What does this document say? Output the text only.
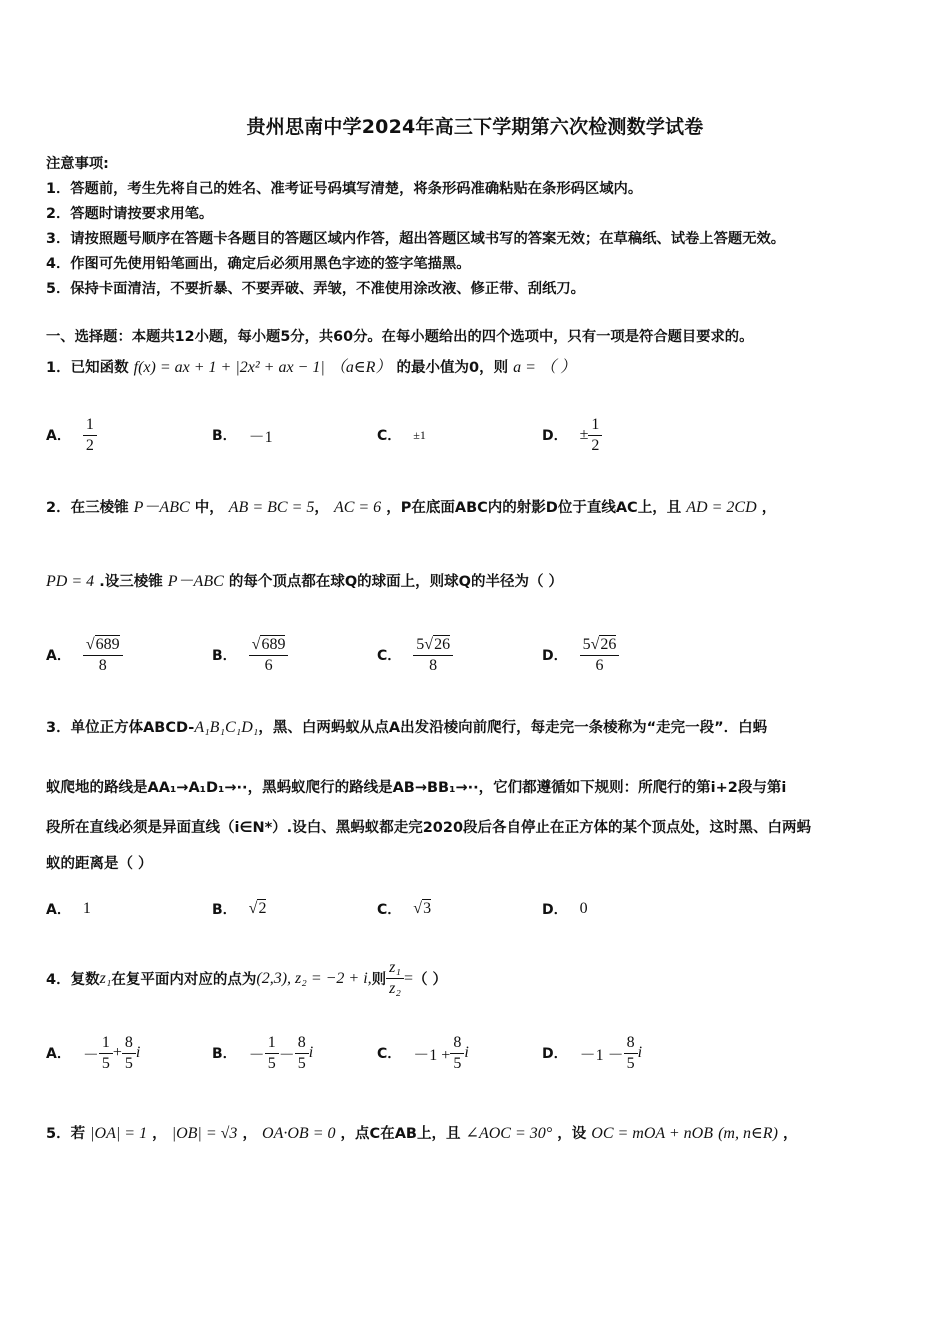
贵州思南中学2024年高三下学期第六次检测数学试卷
注意事项:
1．答题前，考生先将自己的姓名、准考证号码填写清楚，将条形码准确粘贴在条形码区域内。
2．答题时请按要求用笔。
3．请按照题号顺序在答题卡各题目的答题区域内作答，超出答题区域书写的答案无效；在草稿纸、试卷上答题无效。
4．作图可先使用铅笔画出，确定后必须用黑色字迹的签字笔描黑。
5．保持卡面清洁，不要折暴、不要弄破、弄皱，不准使用涂改液、修正带、刮纸刀。
一、选择题：本题共12小题，每小题5分，共60分。在每小题给出的四个选项中，只有一项是符合题目要求的。
1．已知函数 f(x) = ax + 1 + |2x² + ax − 1| （a∈R） 的最小值为0，则 a = （ ）
A． $\frac{1}{2}$	B． －1	C． ±1	D． ± $\frac{1}{2}$
2．在三棱锥 P－ABC 中， AB = BC = 5， AC = 6 ，P在底面ABC内的射影D位于直线AC上，且 AD = 2CD ，
PD = 4 .设三棱锥 P－ABC 的每个顶点都在球Q的球面上，则球Q的半径为（ ）
A． $\frac{√689}{8}$	B． $\frac{√689}{6}$	C． $\frac{5√26}{8}$	D． $\frac{5√26}{6}$
3．单位正方体ABCD-A₁B₁C₁D₁，黑、白两蚂蚁从点A出发沿棱向前爬行，每走完一条棱称为“走完一段”．白蚂
蚁爬地的路线是AA₁→A₁D₁→··，黑蚂蚁爬行的路线是AB→BB₁→··，它们都遵循如下规则：所爬行的第i+2段与第i
段所在直线必须是异面直线（i∈N*）.设白、黑蚂蚁都走完2020段后各自停止在正方体的某个顶点处，这时黑、白两蚂
蚁的距离是（ ）
A． 1	B． √2	C． √3	D． 0
4．复数 z₁ 在复平面内对应的点为 (2,3), z₂ = −2 + i, 则 $\frac{\text{z₁}}{\text{z₂}}$ = （ ）
A． － $\frac{1}{5} + \frac{8}{5}$ i	B． － $\frac{1}{5} - \frac{8}{5}$ i	C． $-1 + \frac{8}{5}$ i	D． $-1 - \frac{8}{5}$ i
5．若 |OA| = 1 ， |OB| = √3 ， OA·OB = 0 ，点C在AB上，且 ∠AOC = 30° ，设 OC = mOA + nOB (m, n∈R) ，
